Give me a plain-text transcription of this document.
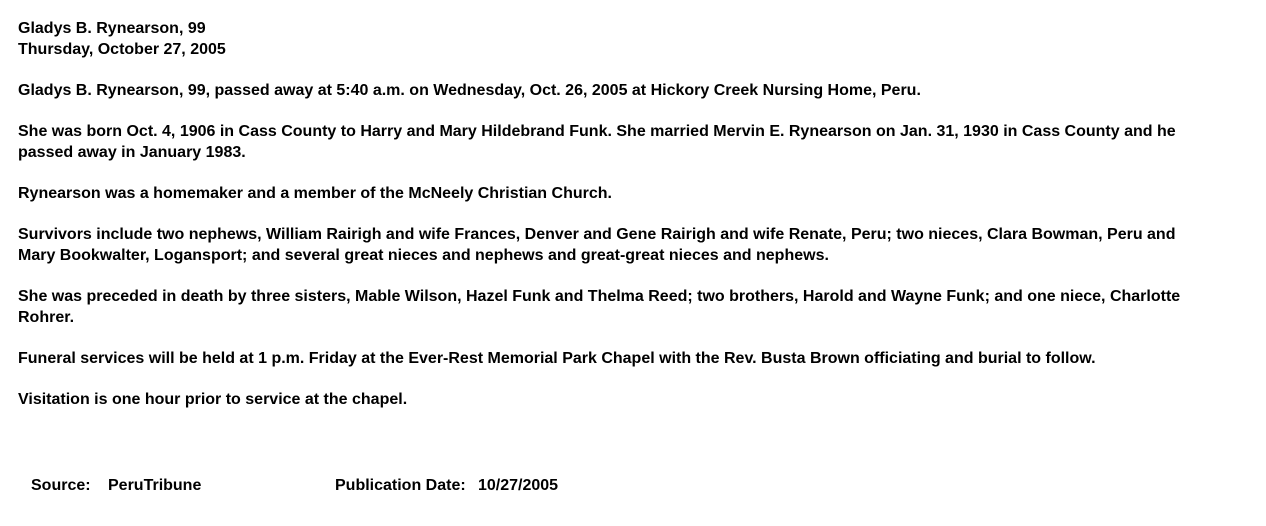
Gladys B. Rynearson, 99

Thursday, October 27, 2005

Gladys B. Rynearson, 99, passed away at 5:40 a.m. on Wednesday, Oct. 26, 2005 at Hickory Creek Nursing Home, Peru.

She was born Oct. 4, 1906 in Cass County to Harry and Mary Hildebrand Funk. She married Mervin E. Rynearson on Jan. 31, 1930 in Cass County and he

passed away in January 1983.

Rynearson was a homemaker and a member of the McNeely Christian Church.

Survivors include two nephews, William Rairigh and wife Frances, Denver and Gene Rairigh and wife Renate, Peru; two nieces, Clara Bowman, Peru and

Mary Bookwalter, Logansport; and several great nieces and nephews and great-great nieces and nephews.

She was preceded in death by three sisters, Mable Wilson, Hazel Funk and Thelma Reed; two brothers, Harold and Wayne Funk; and one niece, Charlotte

Rohrer.

Funeral services will be held at 1 p.m. Friday at the Ever-Rest Memorial Park Chapel with the Rev. Busta Brown officiating and burial to follow.

Visitation is one hour prior to service at the chapel.

Source: PeruTribune	Publication Date: 10/27/2005
